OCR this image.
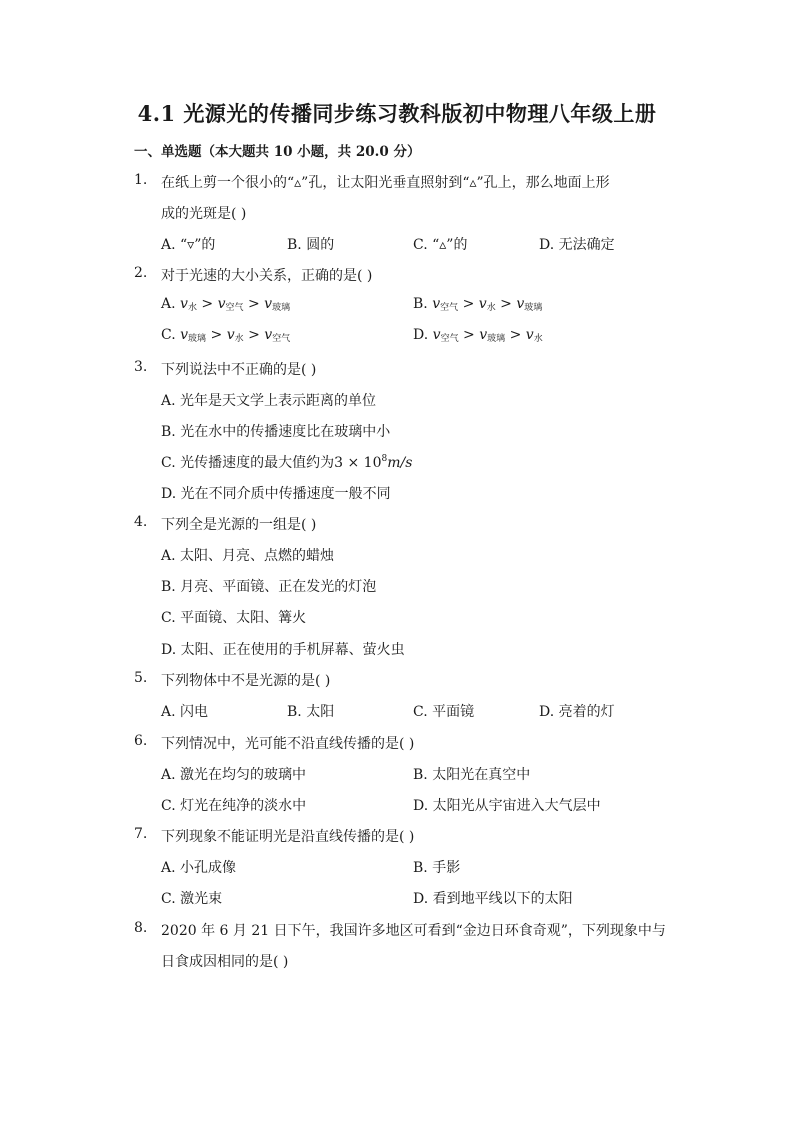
4.1 光源光的传播同步练习教科版初中物理八年级上册
一、单选题（本大题共 10 小题，共 20.0 分）
1. 在纸上剪一个很小的“▵”孔，让太阳光垂直照射到“▵”孔上，那么地面上形
成的光斑是( )
A. “▿”的	B. 圆的	C. “▵”的	D. 无法确定
2. 对于光速的大小关系，正确的是( )
A. $v_水 > v_{空气} > v_{玻璃}$	B. $v_{空气} > v_水 > v_{玻璃}$
C. $v_{玻璃} > v_水 > v_{空气}$	D. $v_{空气} > v_{玻璃} > v_水$
3. 下列说法中不正确的是( )
A. 光年是天文学上表示距离的单位
B. 光在水中的传播速度比在玻璃中小
C. 光传播速度的最大值约为$3 \times 10^8m/s$
D. 光在不同介质中传播速度一般不同
4. 下列全是光源的一组是( )
A. 太阳、月亮、点燃的蜡烛
B. 月亮、平面镜、正在发光的灯泡
C. 平面镜、太阳、篝火
D. 太阳、正在使用的手机屏幕、萤火虫
5. 下列物体中不是光源的是( )
A. 闪电	B. 太阳	C. 平面镜	D. 亮着的灯
6. 下列情况中，光可能不沿直线传播的是( )
A. 激光在均匀的玻璃中	B. 太阳光在真空中
C. 灯光在纯净的淡水中	D. 太阳光从宇宙进入大气层中
7. 下列现象不能证明光是沿直线传播的是( )
A. 小孔成像	B. 手影
C. 激光束	D. 看到地平线以下的太阳
8. 2020 年 6 月 21 日下午，我国许多地区可看到“金边日环食奇观”，下列现象中与
日食成因相同的是( )
